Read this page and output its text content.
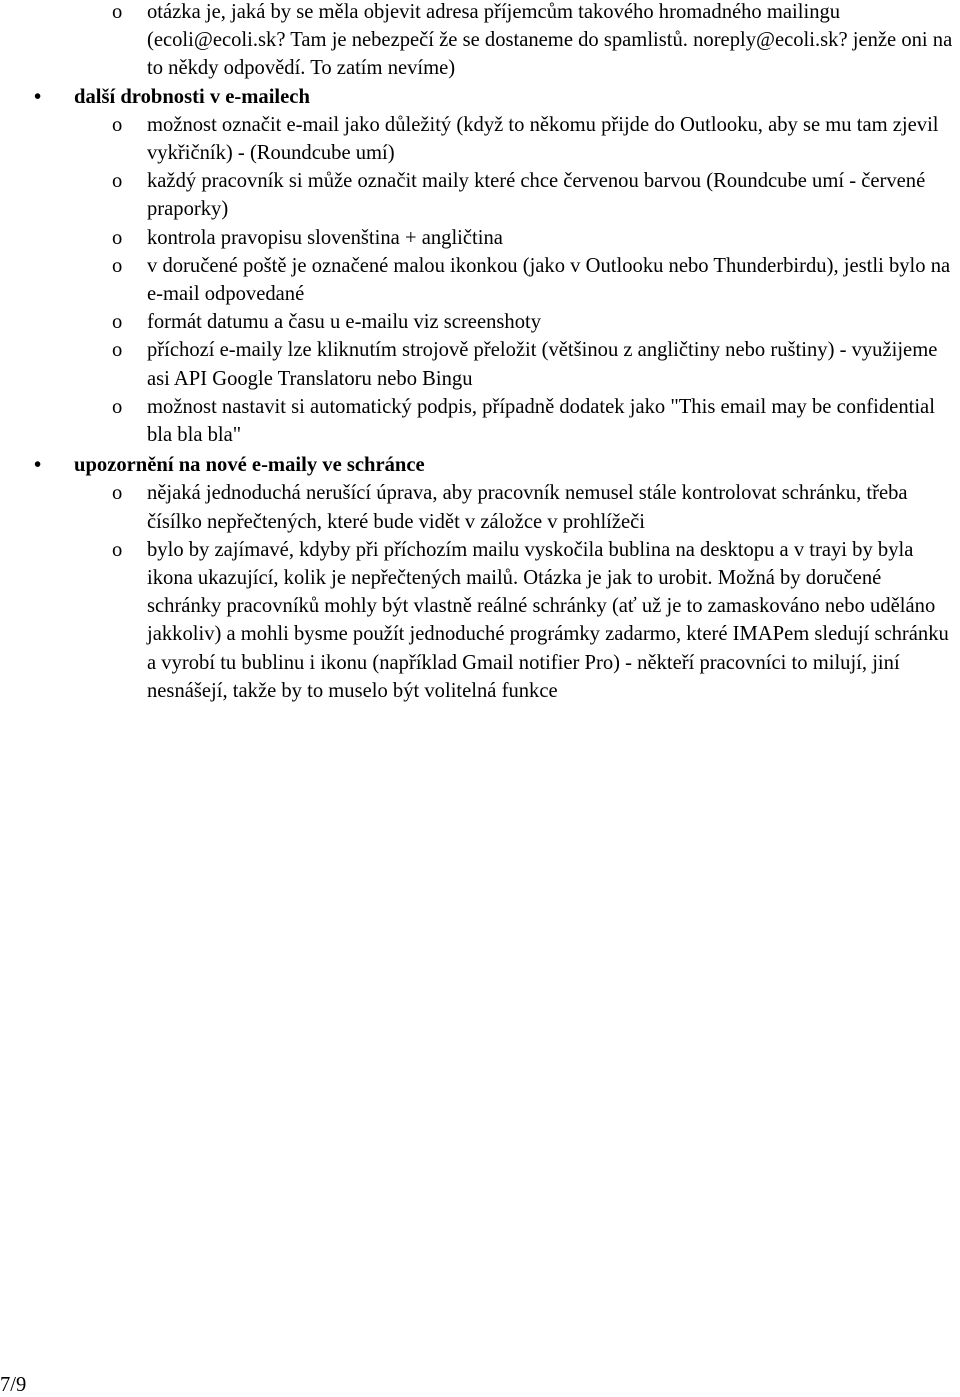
o otázka je, jaká by se měla objevit adresa příjemcům takového hromadného mailingu (ecoli@ecoli.sk? Tam je nebezpečí že se dostaneme do spamlistů. noreply@ecoli.sk? jenže oni na to někdy odpovědí. To zatím nevíme)
• další drobnosti v e-mailech
o možnost označit e-mail jako důležitý (když to někomu přijde do Outlooku, aby se mu tam zjevil vykřičník) - (Roundcube umí)
o každý pracovník si může označit maily které chce červenou barvou (Roundcube umí - červené praporky)
o kontrola pravopisu slovenština + angličtina
o v doručené poště je označené malou ikonkou (jako v Outlooku nebo Thunderbirdu), jestli bylo na e-mail odpovedané
o formát datumu a času u e-mailu viz screenshoty
o příchozí e-maily lze kliknutím strojově přeložit (většinou z angličtiny nebo ruštiny) - využijeme asi API Google Translatoru nebo Bingu
o možnost nastavit si automatický podpis, případně dodatek jako "This email may be confidential bla bla bla"
• upozornění na nové e-maily ve schránce
o nějaká jednoduchá nerušící úprava, aby pracovník nemusel stále kontrolovat schránku, třeba čísílko nepřečtených, které bude vidět v záložce v prohlížeči
o bylo by zajímavé, kdyby při příchozím mailu vyskočila bublina na desktopu a v trayi by byla ikona ukazující, kolik je nepřečtených mailů. Otázka je jak to urobit. Možná by doručené schránky pracovníků mohly být vlastně reálné schránky (ať už je to zamaskováno nebo uděláno jakkoliv) a mohli bysme použít jednoduché prográmky zadarmo, které IMAPem sledují schránku a vyrobí tu bublinu i ikonu (například Gmail notifier Pro) - někteří pracovníci to milují, jiní nesnášejí, takže by to muselo být volitelná funkce
7/9
